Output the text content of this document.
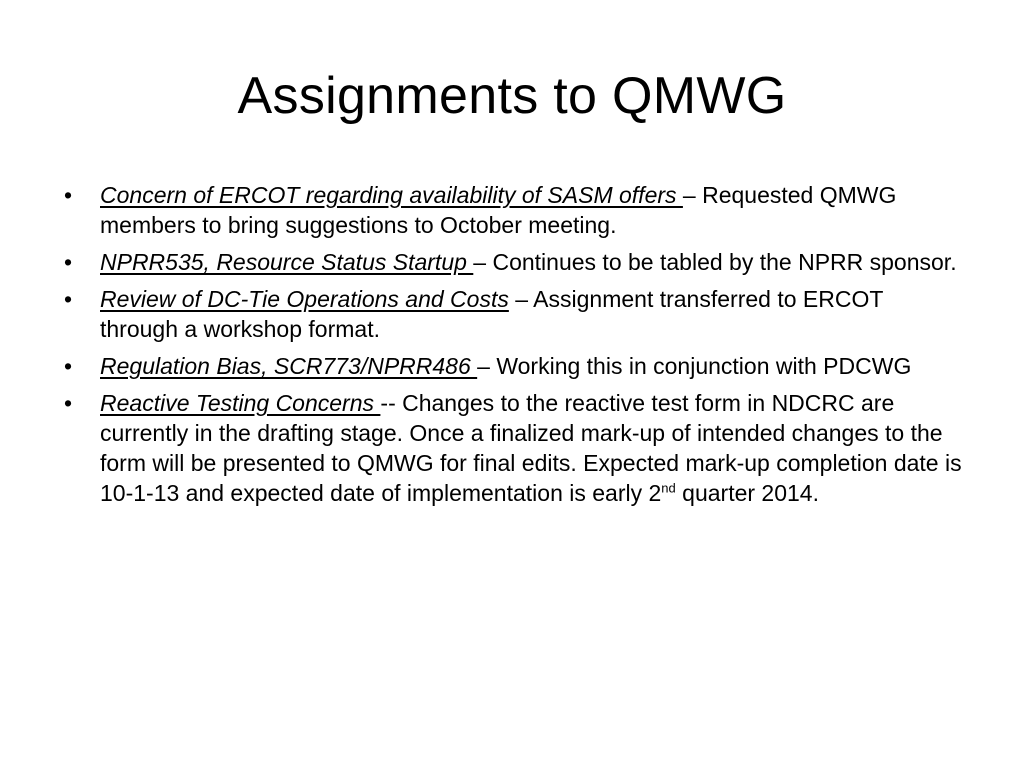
Assignments to QMWG
• Concern of ERCOT regarding availability of SASM offers – Requested QMWG members to bring suggestions to October meeting.
• NPRR535, Resource Status Startup – Continues to be tabled by the NPRR sponsor.
• Review of DC-Tie Operations and Costs – Assignment transferred to ERCOT through a workshop format.
• Regulation Bias, SCR773/NPRR486 – Working this in conjunction with PDCWG
• Reactive Testing Concerns -- Changes to the reactive test form in NDCRC are currently in the drafting stage. Once a finalized mark-up of intended changes to the form will be presented to QMWG for final edits. Expected mark-up completion date is 10-1-13 and expected date of implementation is early 2nd quarter 2014.
